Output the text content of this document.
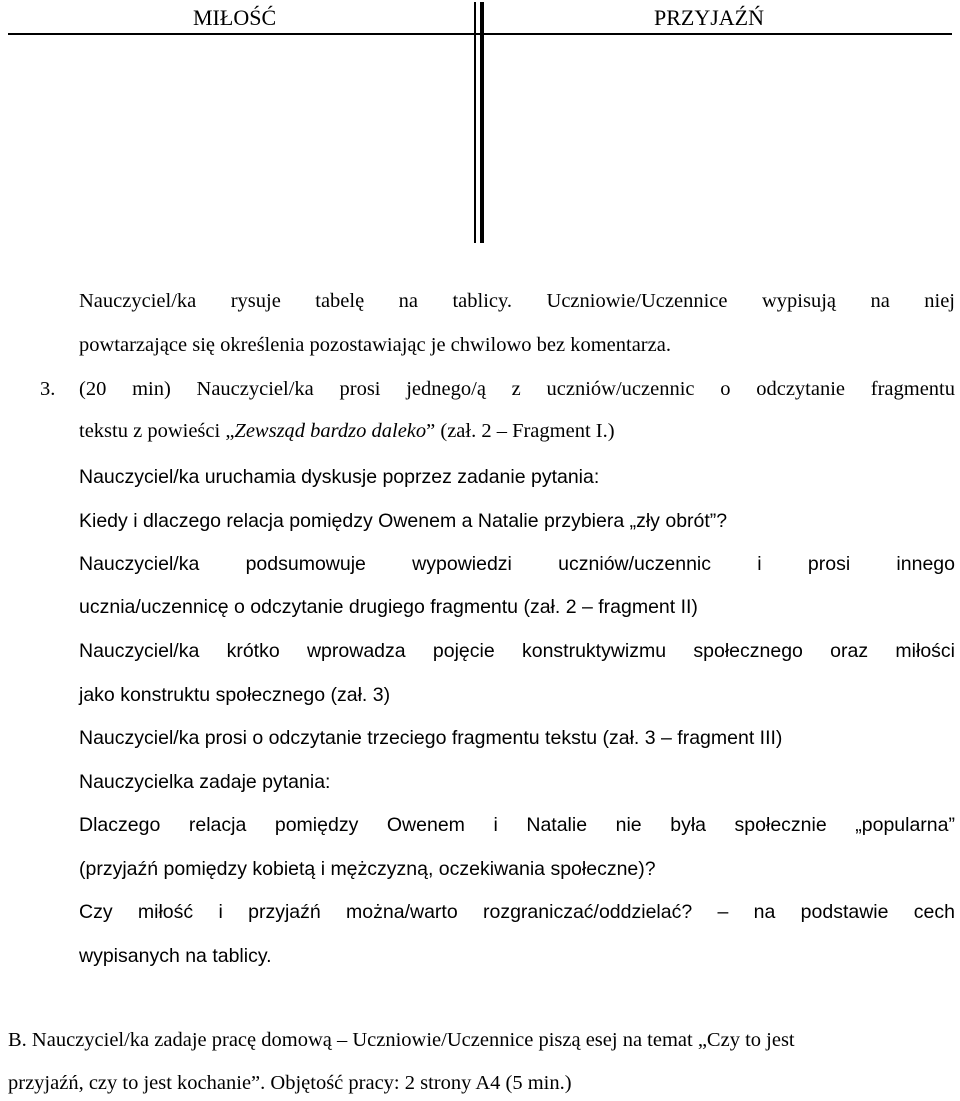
MIŁOŚĆ	PRZYJAŹŃ

Nauczyciel/ka rysuje tabelę na tablicy. Uczniowie/Uczennice wypisują na niej

powtarzające się określenia pozostawiając je chwilowo bez komentarza.

3. (20 min) Nauczyciel/ka prosi jednego/ą z uczniów/uczennic o odczytanie fragmentu

tekstu z powieści „Zewsząd bardzo daleko” (zał. 2 – Fragment I.)

Nauczyciel/ka uruchamia dyskusje poprzez zadanie pytania:

Kiedy i dlaczego relacja pomiędzy Owenem a Natalie przybiera „zły obrót”?

Nauczyciel/ka podsumowuje wypowiedzi uczniów/uczennic i prosi innego

ucznia/uczennicę o odczytanie drugiego fragmentu (zał. 2 – fragment II)

Nauczyciel/ka krótko wprowadza pojęcie konstruktywizmu społecznego oraz miłości

jako konstruktu społecznego (zał. 3)

Nauczyciel/ka prosi o odczytanie trzeciego fragmentu tekstu (zał. 3 – fragment III)

Nauczycielka zadaje pytania:

Dlaczego relacja pomiędzy Owenem i Natalie nie była społecznie „popularna”

(przyjaźń pomiędzy kobietą i mężczyzną, oczekiwania społeczne)?

Czy miłość i przyjaźń można/warto rozgraniczać/oddzielać? – na podstawie cech

wypisanych na tablicy.

B. Nauczyciel/ka zadaje pracę domową – Uczniowie/Uczennice piszą esej na temat „Czy to jest

przyjaźń, czy to jest kochanie”. Objętość pracy: 2 strony A4 (5 min.)
